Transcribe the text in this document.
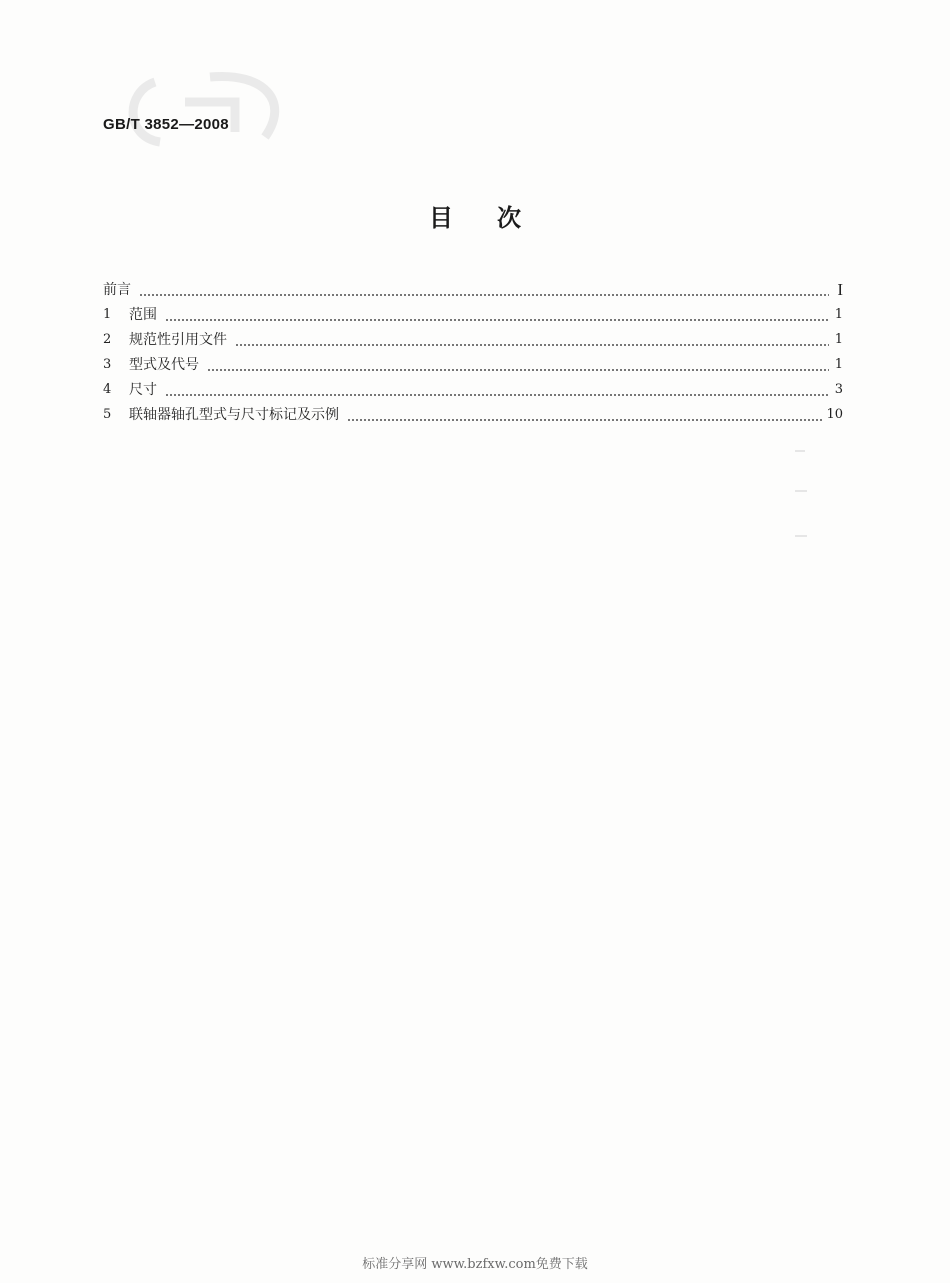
GB/T 3852—2008
目 次
前言	I
1	范围	1
2	规范性引用文件	1
3	型式及代号	1
4	尺寸	3
5	联轴器轴孔型式与尺寸标记及示例	10
标准分享网 www.bzfxw.com免费下载
